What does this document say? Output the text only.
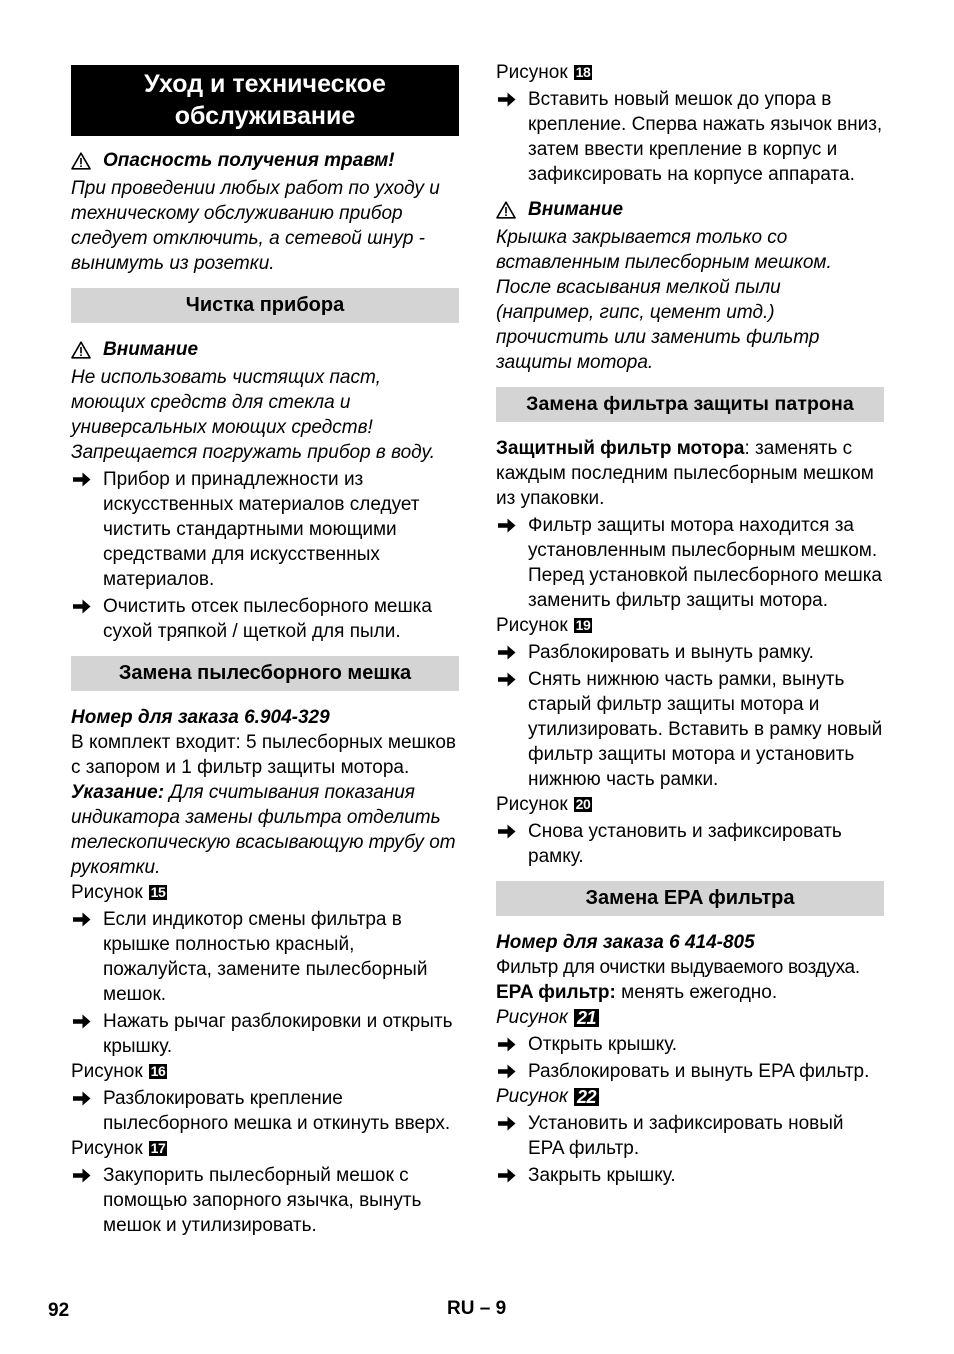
Уход и техническое обслуживание
Опасность получения травм!

При проведении любых работ по уходу и техническому обслуживанию прибор следует отключить, а сетевой шнур - вынимуть из розетки.

Чистка прибора
Внимание

Не использовать чистящих паст, моющих средств для стекла и универсальных моющих средств! Запрещается погружать прибор в воду.

Прибор и принадлежности из искусственных материалов следует чистить стандартными моющими средствами для искусственных материалов.
Очистить отсек пылесборного мешка сухой тряпкой / щеткой для пыли.
Замена пылесборного мешка

Номер для заказа 6.904-329

В комплект входит: 5 пылесборных мешков с запором и 1 фильтр защиты мотора.

Указание: Для считывания показания индикатора замены фильтра отделить телескопическую всасывающую трубу от рукоятки.

Рисунок 15
Если индикотор смены фильтра в крышке полностью красный, пожалуйста, замените пылесборный мешок.
Нажать рычаг разблокировки и открыть крышку.
Рисунок 16
Разблокировать крепление пылесборного мешка и откинуть вверх.
Рисунок 17
Закупорить пылесборный мешок с помощью запорного язычка, вынуть мешок и утилизировать.
Рисунок 18
Вставить новый мешок до упора в крепление. Сперва нажать язычок вниз, затем ввести крепление в корпус и зафиксировать на корпусе аппарата.
Внимание

Крышка закрывается только со вставленным пылесборным мешком. После всасывания мелкой пыли (например, гипс, цемент итд.) прочистить или заменить фильтр защиты мотора.

Замена фильтра защиты патрона

Защитный фильтр мотора: заменять с каждым последним пылесборным мешком из упаковки.

Фильтр защиты мотора находится за установленным пылесборным мешком. Перед установкой пылесборного мешка заменить фильтр защиты мотора.
Рисунок 19
Разблокировать и вынуть рамку.
Снять нижнюю часть рамки, вынуть старый фильтр защиты мотора и утилизировать. Вставить в рамку новый фильтр защиты мотора и установить нижнюю часть рамки.
Рисунок 20
Снова установить и зафиксировать рамку.
Замена EPA фильтра

Номер для заказа 6 414-805

Фильтр для очистки выдуваемого воздуха.

EPA фильтр: менять ежегодно.

Рисунок 21
Открыть крышку.
Разблокировать и вынуть EPA фильтр.
Рисунок 22
Установить и зафиксировать новый EPA фильтр.
Закрыть крышку.
92	RU – 9
